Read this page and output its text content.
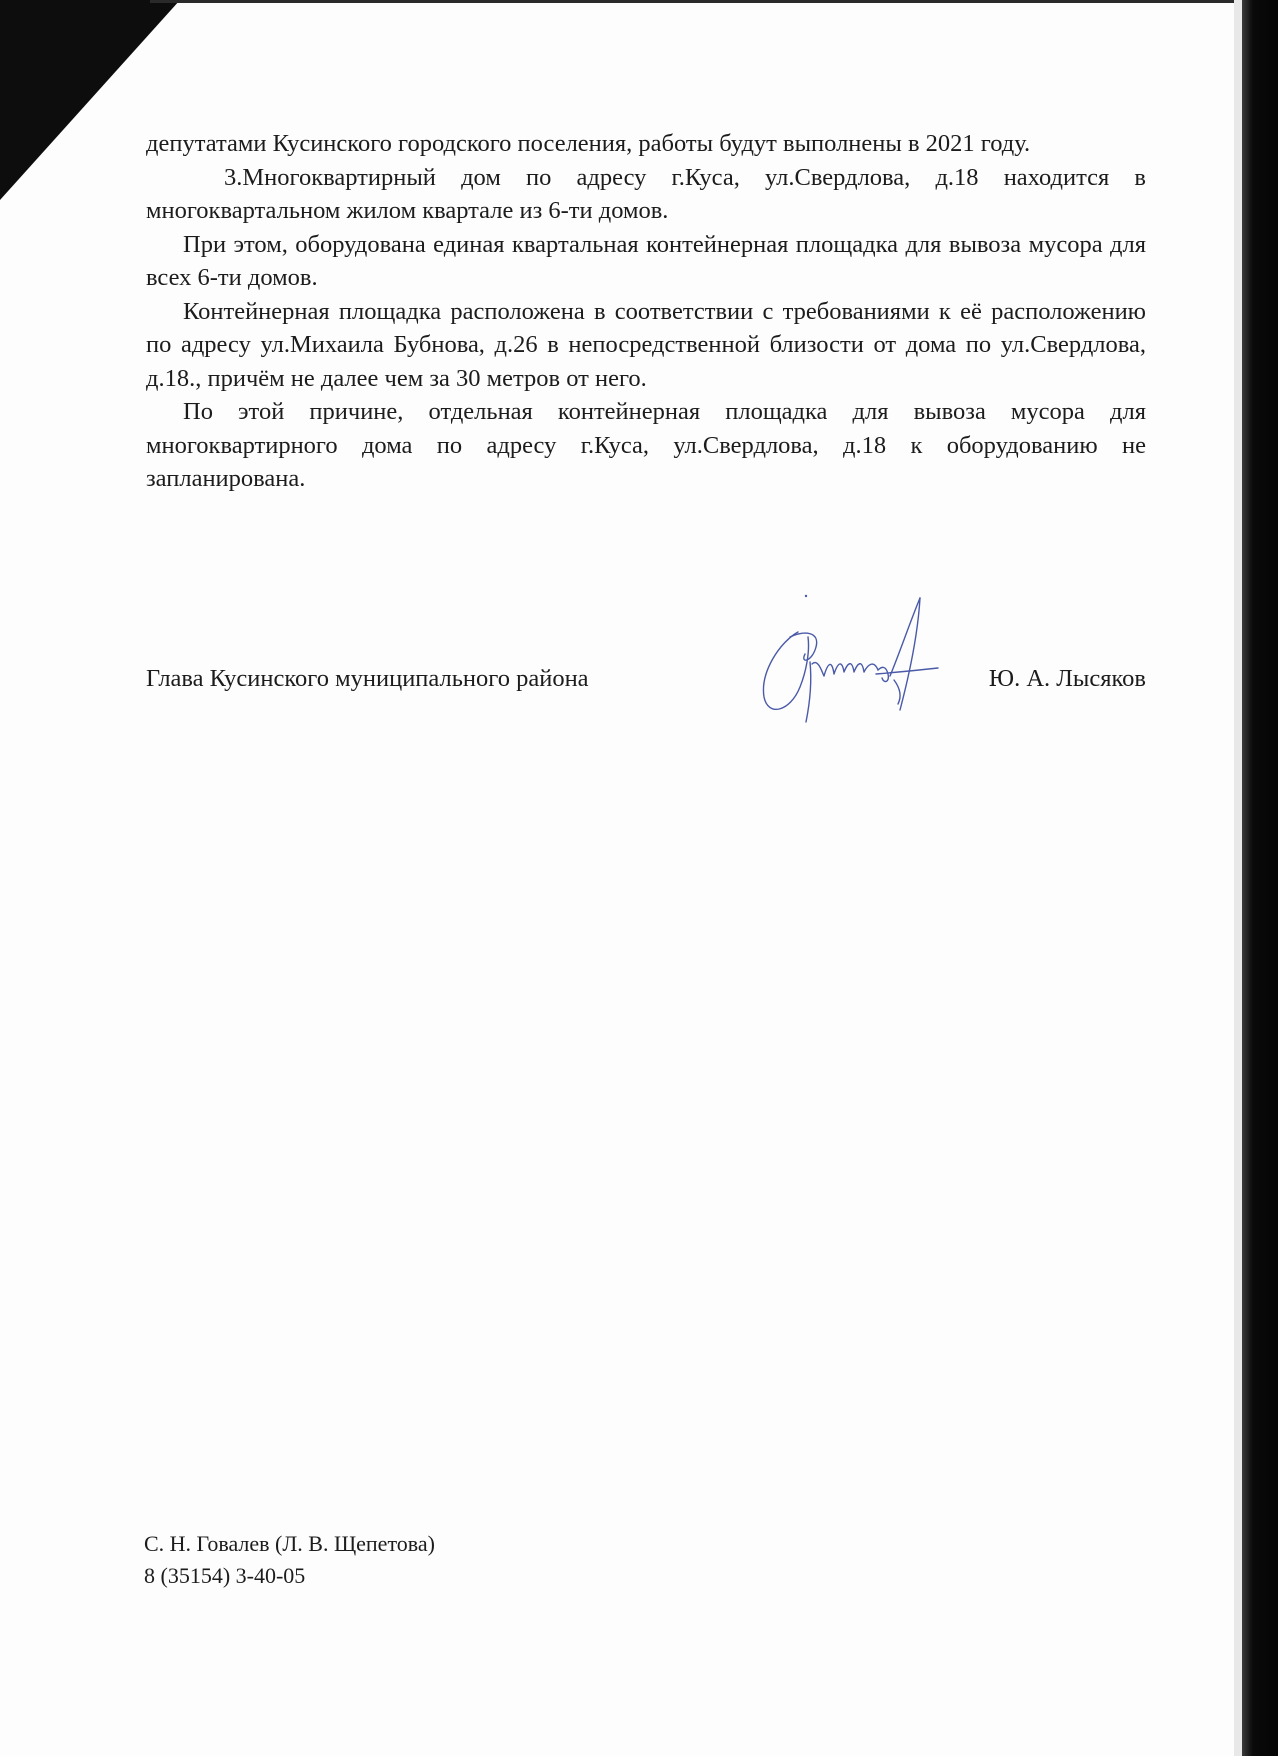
депутатами Кусинского городского поселения, работы будут выполнены в 2021 году.

3.Многоквартирный дом по адресу г.Куса, ул.Свердлова, д.18 находится в многоквартальном жилом квартале из 6-ти домов.

При этом, оборудована единая квартальная контейнерная площадка для вывоза мусора для всех 6-ти домов.

Контейнерная площадка расположена в соответствии с требованиями к её расположению по адресу ул.Михаила Бубнова, д.26 в непосредственной близости от дома по ул.Свердлова, д.18., причём не далее чем за 30 метров от него.

По этой причине, отдельная контейнерная площадка для вывоза мусора для многоквартирного дома по адресу г.Куса, ул.Свердлова, д.18 к оборудованию не запланирована.

Глава Кусинского муниципального района	Ю. А. Лысяков
С. Н. Говалев (Л. В. Щепетова)
8 (35154) 3-40-05
